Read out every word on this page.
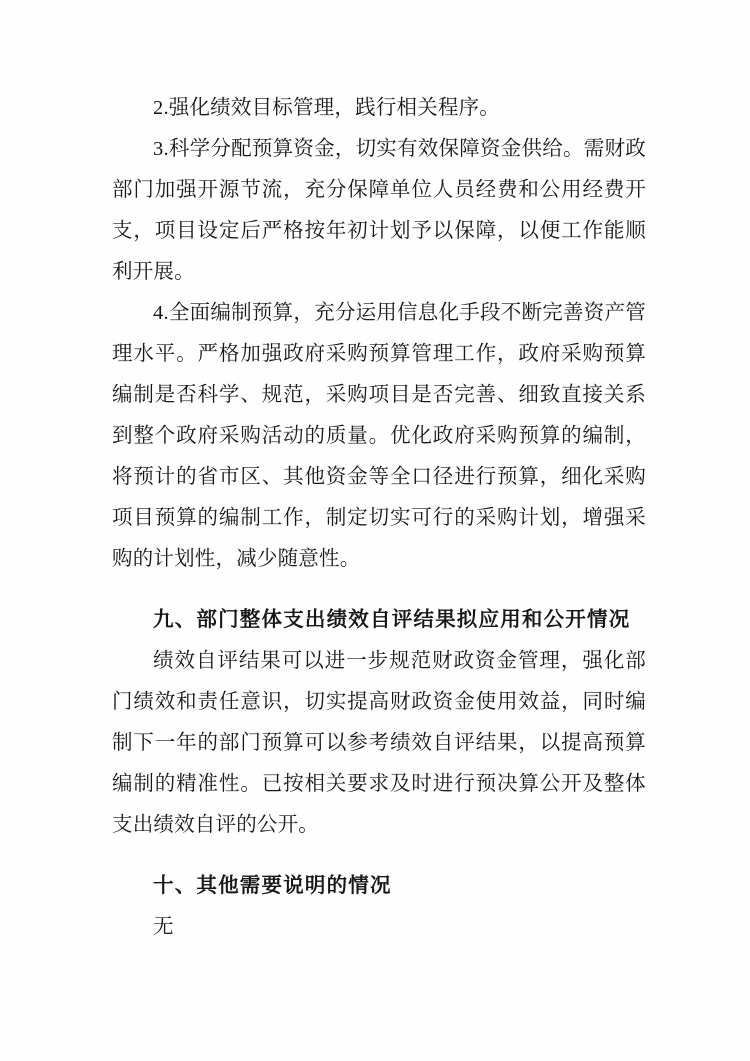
2.强化绩效目标管理，践行相关程序。

3.科学分配预算资金，切实有效保障资金供给。需财政部门加强开源节流，充分保障单位人员经费和公用经费开支，项目设定后严格按年初计划予以保障，以便工作能顺利开展。

4.全面编制预算，充分运用信息化手段不断完善资产管理水平。严格加强政府采购预算管理工作，政府采购预算编制是否科学、规范，采购项目是否完善、细致直接关系到整个政府采购活动的质量。优化政府采购预算的编制，将预计的省市区、其他资金等全口径进行预算，细化采购项目预算的编制工作，制定切实可行的采购计划，增强采购的计划性，减少随意性。

九、部门整体支出绩效自评结果拟应用和公开情况

绩效自评结果可以进一步规范财政资金管理，强化部门绩效和责任意识，切实提高财政资金使用效益，同时编制下一年的部门预算可以参考绩效自评结果，以提高预算编制的精准性。已按相关要求及时进行预决算公开及整体支出绩效自评的公开。

十、其他需要说明的情况

无
